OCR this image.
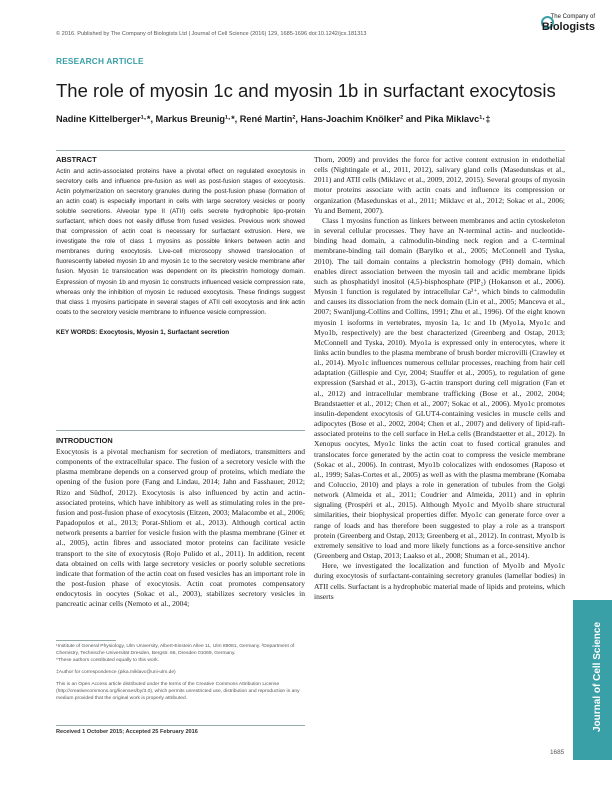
© 2016. Published by The Company of Biologists Ltd | Journal of Cell Science (2016) 129, 1685-1696 doi:10.1242/jcs.181313
The Company of
Biologists
RESEARCH ARTICLE
The role of myosin 1c and myosin 1b in surfactant exocytosis
Nadine Kittelberger¹·*, Markus Breunig¹·*, René Martin², Hans-Joachim Knölker² and Pika Miklavc¹·‡
ABSTRACT
Actin and actin-associated proteins have a pivotal effect on regulated exocytosis in secretory cells and influence pre-fusion as well as post-fusion stages of exocytosis. Actin polymerization on secretory granules during the post-fusion phase (formation of an actin coat) is especially important in cells with large secretory vesicles or poorly soluble secretions. Alveolar type II (ATII) cells secrete hydrophobic lipo-protein surfactant, which does not easily diffuse from fused vesicles. Previous work showed that compression of actin coat is necessary for surfactant extrusion. Here, we investigate the role of class 1 myosins as possible linkers between actin and membranes during exocytosis. Live-cell microscopy showed translocation of fluorescently labeled myosin 1b and myosin 1c to the secretory vesicle membrane after fusion. Myosin 1c translocation was dependent on its pleckstrin homology domain. Expression of myosin 1b and myosin 1c constructs influenced vesicle compression rate, whereas only the inhibition of myosin 1c reduced exocytosis. These findings suggest that class 1 myosins participate in several stages of ATII cell exocytosis and link actin coats to the secretory vesicle membrane to influence vesicle compression.
KEY WORDS: Exocytosis, Myosin 1, Surfactant secretion
INTRODUCTION

Exocytosis is a pivotal mechanism for secretion of mediators, transmitters and components of the extracellular space. The fusion of a secretory vesicle with the plasma membrane depends on a conserved group of proteins, which mediate the opening of the fusion pore (Fang and Lindau, 2014; Jahn and Fasshauer, 2012; Rizo and Südhof, 2012). Exocytosis is also influenced by actin and actin-associated proteins, which have inhibitory as well as stimulating roles in the pre-fusion and post-fusion phase of exocytosis (Eitzen, 2003; Malacombe et al., 2006; Papadopulos et al., 2013; Porat-Shliom et al., 2013). Although cortical actin network presents a barrier for vesicle fusion with the plasma membrane (Giner et al., 2005), actin fibres and associated motor proteins can facilitate vesicle transport to the site of exocytosis (Rojo Pulido et al., 2011). In addition, recent data obtained on cells with large secretory vesicles or poorly soluble secretions indicate that formation of the actin coat on fused vesicles has an important role in the post-fusion phase of exocytosis. Actin coat promotes compensatory endocytosis in oocytes (Sokac et al., 2003), stabilizes secretory vesicles in pancreatic acinar cells (Nemoto et al., 2004;

¹Institute of General Physiology, Ulm University, Albert-Einstein Allee 11, Ulm 89081, Germany. ²Department of Chemistry, Technische Universität Dresden, Bergstr. 66, Dresden 01069, Germany.
*These authors contributed equally to this work.
‡Author for correspondence (pika.miklavc@uni-ulm.de)
This is an Open Access article distributed under the terms of the Creative Commons Attribution License (http://creativecommons.org/licenses/by/3.0), which permits unrestricted use, distribution and reproduction in any medium provided that the original work is properly attributed.
Received 1 October 2015; Accepted 25 February 2016

Thorn, 2009) and provides the force for active content extrusion in endothelial cells (Nightingale et al., 2011, 2012), salivary gland cells (Masedunskas et al., 2011) and ATII cells (Miklavc et al., 2009, 2012, 2015). Several groups of myosin motor proteins associate with actin coats and influence its compression or organization (Masedunskas et al., 2011; Miklavc et al., 2012; Sokac et al., 2006; Yu and Bement, 2007).

Class 1 myosins function as linkers between membranes and actin cytoskeleton in several cellular processes. They have an N-terminal actin- and nucleotide-binding head domain, a calmodulin-binding neck region and a C-terminal membrane-binding tail domain (Barylko et al., 2005; McConnell and Tyska, 2010). The tail domain contains a pleckstrin homology (PH) domain, which enables direct association between the myosin tail and acidic membrane lipids such as phosphatidyl inositol (4,5)-bisphosphate (PIP₂) (Hokanson et al., 2006). Myosin 1 function is regulated by intracellular Ca²⁺, which binds to calmodulin and causes its dissociation from the neck domain (Lin et al., 2005; Manceva et al., 2007; Swanljung-Collins and Collins, 1991; Zhu et al., 1996). Of the eight known myosin 1 isoforms in vertebrates, myosin 1a, 1c and 1b (Myo1a, Myo1c and Myo1b, respectively) are the best characterized (Greenberg and Ostap, 2013; McConnell and Tyska, 2010). Myo1a is expressed only in enterocytes, where it links actin bundles to the plasma membrane of brush border microvilli (Crawley et al., 2014). Myo1c influences numerous cellular processes, reaching from hair cell adaptation (Gillespie and Cyr, 2004; Stauffer et al., 2005), to regulation of gene expression (Sarshad et al., 2013), G-actin transport during cell migration (Fan et al., 2012) and intracellular membrane trafficking (Bose et al., 2002, 2004; Brandstaetter et al., 2012; Chen et al., 2007; Sokac et al., 2006). Myo1c promotes insulin-dependent exocytosis of GLUT4-containing vesicles in muscle cells and adipocytes (Bose et al., 2002, 2004; Chen et al., 2007) and delivery of lipid-raft-associated proteins to the cell surface in HeLa cells (Brandstaetter et al., 2012). In Xenopus oocytes, Myo1c links the actin coat to fused cortical granules and translocates force generated by the actin coat to compress the vesicle membrane (Sokac et al., 2006). In contrast, Myo1b colocalizes with endosomes (Raposo et al., 1999; Salas-Cortes et al., 2005) as well as with the plasma membrane (Komaba and Coluccio, 2010) and plays a role in generation of tubules from the Golgi network (Almeida et al., 2011; Coudrier and Almeida, 2011) and in ephrin signaling (Prospéri et al., 2015). Although Myo1c and Myo1b share structural similarities, their biophysical properties differ. Myo1c can generate force over a range of loads and has therefore been suggested to play a role as a transport protein (Greenberg and Ostap, 2013; Greenberg et al., 2012). In contrast, Myo1b is extremely sensitive to load and more likely functions as a force-sensitive anchor (Greenberg and Ostap, 2013; Laakso et al., 2008; Shuman et al., 2014).

Here, we investigated the localization and function of Myo1b and Myo1c during exocytosis of surfactant-containing secretory granules (lamellar bodies) in ATII cells. Surfactant is a hydrophobic material made of lipids and proteins, which inserts

1685
Journal of Cell Science
